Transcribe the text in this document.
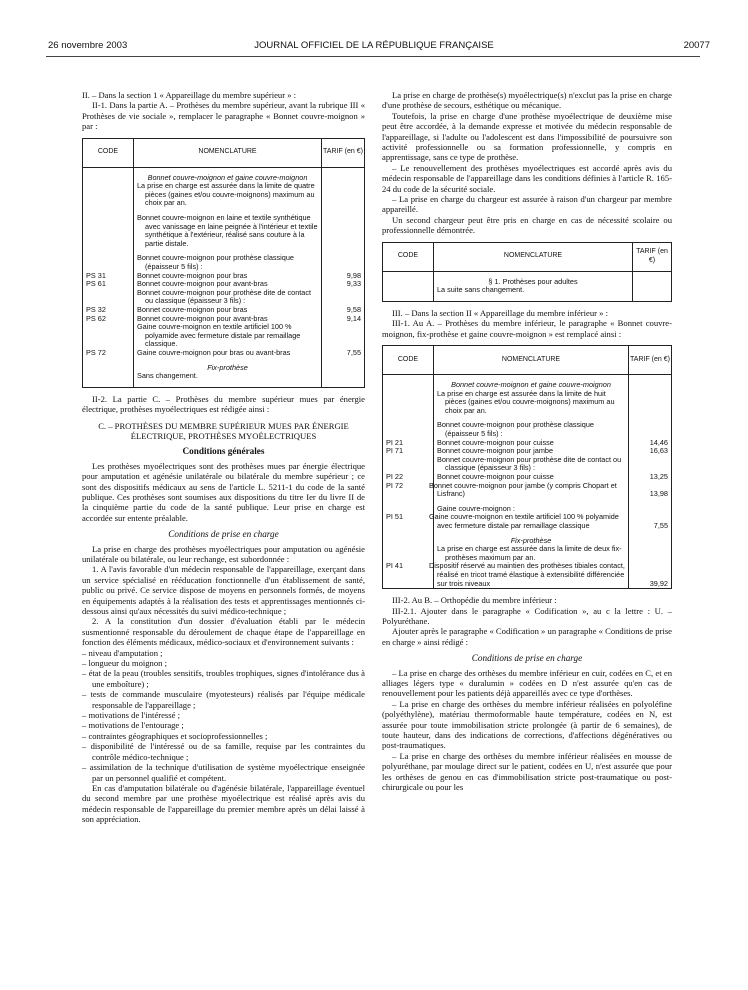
26 novembre 2003	JOURNAL OFFICIEL DE LA RÉPUBLIQUE FRANÇAISE	20077

II. – Dans la section 1 « Appareillage du membre supérieur » :

II-1. Dans la partie A. – Prothèses du membre supérieur, avant la rubrique III « Prothèses de vie sociale », remplacer le paragraphe « Bonnet couvre-moignon » par :

CODE	NOMENCLATURE	TARIF (en €)

	Bonnet couvre-moignon et gaine couvre-moignon	

	La prise en charge est assurée dans la limite de quatre pièces (gaines et/ou couvre-moignons) maximum au choix par an.	

	Bonnet couvre-moignon en laine et textile synthétique avec vanissage en laine peignée à l'intérieur et textile synthétique à l'extérieur, réalisé sans couture à la partie distale.	

	Bonnet couvre-moignon pour prothèse classique (épaisseur 5 fils) :	

PS 31	Bonnet couvre-moignon pour bras	9,98
PS 61	Bonnet couvre-moignon pour avant-bras	9,33

	Bonnet couvre-moignon pour prothèse dite de contact ou classique (épaisseur 3 fils) :	

PS 32	Bonnet couvre-moignon pour bras	9,58
PS 62	Bonnet couvre-moignon pour avant-bras	9,14

	Gaine couvre-moignon en textile artificiel 100 % polyamide avec fermeture distale par remaillage classique.	

PS 72	Gaine couvre-moignon pour bras ou avant-bras	7,55

	Fix-prothèse	

	Sans changement.	

II-2. La partie C. – Prothèses du membre supérieur mues par énergie électrique, prothèses myoélectriques est rédigée ainsi :

C. – PROTHÈSES DU MEMBRE SUPÉRIEUR MUES PAR ÉNERGIE ÉLECTRIQUE, PROTHÈSES MYOÉLECTRIQUES

Conditions générales

Les prothèses myoélectriques sont des prothèses mues par énergie électrique pour amputation et agénésie unilatérale ou bilatérale du membre supérieur ; ce sont des dispositifs médicaux au sens de l'article L. 5211-1 du code de la santé publique. Ces prothèses sont soumises aux dispositions du titre Ier du livre II de la cinquième partie du code de la santé publique. Leur prise en charge est accordée sur entente préalable.

Conditions de prise en charge

La prise en charge des prothèses myoélectriques pour amputation ou agénésie unilatérale ou bilatérale, ou leur rechange, est subordonnée :

1. A l'avis favorable d'un médecin responsable de l'appareillage, exerçant dans un service spécialisé en rééducation fonctionnelle d'un établissement de santé, public ou privé. Ce service dispose de moyens en personnels formés, de moyens en équipements adaptés à la réalisation des tests et apprentissages mentionnés ci-dessous ainsi qu'aux nécessités du suivi médico-technique ;

2. A la constitution d'un dossier d'évaluation établi par le médecin susmentionné responsable du déroulement de chaque étape de l'appareillage en fonction des éléments médicaux, médico-sociaux et d'environnement suivants :

– niveau d'amputation ;
– longueur du moignon ;
– état de la peau (troubles sensitifs, troubles trophiques, signes d'intolérance dus à une emboîture) ;
– tests de commande musculaire (myotesteurs) réalisés par l'équipe médicale responsable de l'appareillage ;
– motivations de l'intéressé ;
– motivations de l'entourage ;
– contraintes géographiques et socioprofessionnelles ;
– disponibilité de l'intéressé ou de sa famille, requise par les contraintes du contrôle médico-technique ;
– assimilation de la technique d'utilisation de système myoélectrique enseignée par un personnel qualifié et compétent.

En cas d'amputation bilatérale ou d'agénésie bilatérale, l'appareillage éventuel du second membre par une prothèse myoélectrique est réalisé après avis du médecin responsable de l'appareillage du premier membre après un délai laissé à son appréciation.

La prise en charge de prothèse(s) myoélectrique(s) n'exclut pas la prise en charge d'une prothèse de secours, esthétique ou mécanique.

Toutefois, la prise en charge d'une prothèse myoélectrique de deuxième mise peut être accordée, à la demande expresse et motivée du médecin responsable de l'appareillage, si l'adulte ou l'adolescent est dans l'impossibilité de poursuivre son activité professionnelle ou sa formation professionnelle, y compris en apprentissage, sans ce type de prothèse.

– Le renouvellement des prothèses myoélectriques est accordé après avis du médecin responsable de l'appareillage dans les conditions définies à l'article R. 165-24 du code de la sécurité sociale.

– La prise en charge du chargeur est assurée à raison d'un chargeur par membre appareillé.

Un second chargeur peut être pris en charge en cas de nécessité scolaire ou professionnelle démontrée.

CODE	NOMENCLATURE	TARIF (en €)

	§ 1. Prothèses pour adultes	

	La suite sans changement.	

III. – Dans la section II « Appareillage du membre inférieur » :

III-1. Au A. – Prothèses du membre inférieur, le paragraphe « Bonnet couvre-moignon, fix-prothèse et gaine couvre-moignon » est remplacé ainsi :

CODE	NOMENCLATURE	TARIF (en €)

	Bonnet couvre-moignon et gaine couvre-moignon	

	La prise en charge est assurée dans la limite de huit pièces (gaines et/ou couvre-moignons) maximum au choix par an.	

	Bonnet couvre-moignon pour prothèse classique (épaisseur 5 fils) :	

PI 21	Bonnet couvre-moignon pour cuisse	14,46
PI 71	Bonnet couvre-moignon pour jambe	16,63

	Bonnet couvre-moignon pour prothèse dite de contact ou classique (épaisseur 3 fils) :	

PI 22	Bonnet couvre-moignon pour cuisse	13,25
PI 72	Bonnet couvre-moignon pour jambe (y compris Chopart et Lisfranc)	13,98

	Gaine couvre-moignon :	

PI 51	Gaine couvre-moignon en textile artificiel 100 % polyamide avec fermeture distale par remaillage classique	7,55

	Fix-prothèse	

	La prise en charge est assurée dans la limite de deux fix-prothèses maximum par an.	

PI 41	Dispositif réservé au maintien des prothèses tibiales contact, réalisé en tricot tramé élastique à extensibilité différenciée sur trois niveaux	39,92

III-2. Au B. – Orthopédie du membre inférieur :

III-2.1. Ajouter dans le paragraphe « Codification », au c la lettre : U. – Polyuréthane.

Ajouter après le paragraphe « Codification » un paragraphe « Conditions de prise en charge » ainsi rédigé :

Conditions de prise en charge

– La prise en charge des orthèses du membre inférieur en cuir, codées en C, et en alliages légers type « duralumin » codées en D n'est assurée qu'en cas de renouvellement pour les patients déjà appareillés avec ce type d'orthèses.

– La prise en charge des orthèses du membre inférieur réalisées en polyoléfine (polyéthylène), matériau thermoformable haute température, codées en N, est assurée pour toute immobilisation stricte prolongée (à partir de 6 semaines), de toute hauteur, dans des indications de corrections, d'affections dégénératives ou post-traumatiques.

– La prise en charge des orthèses du membre inférieur réalisées en mousse de polyuréthane, par moulage direct sur le patient, codées en U, n'est assurée que pour les orthèses de genou en cas d'immobilisation stricte post-traumatique ou post-chirurgicale ou pour les
